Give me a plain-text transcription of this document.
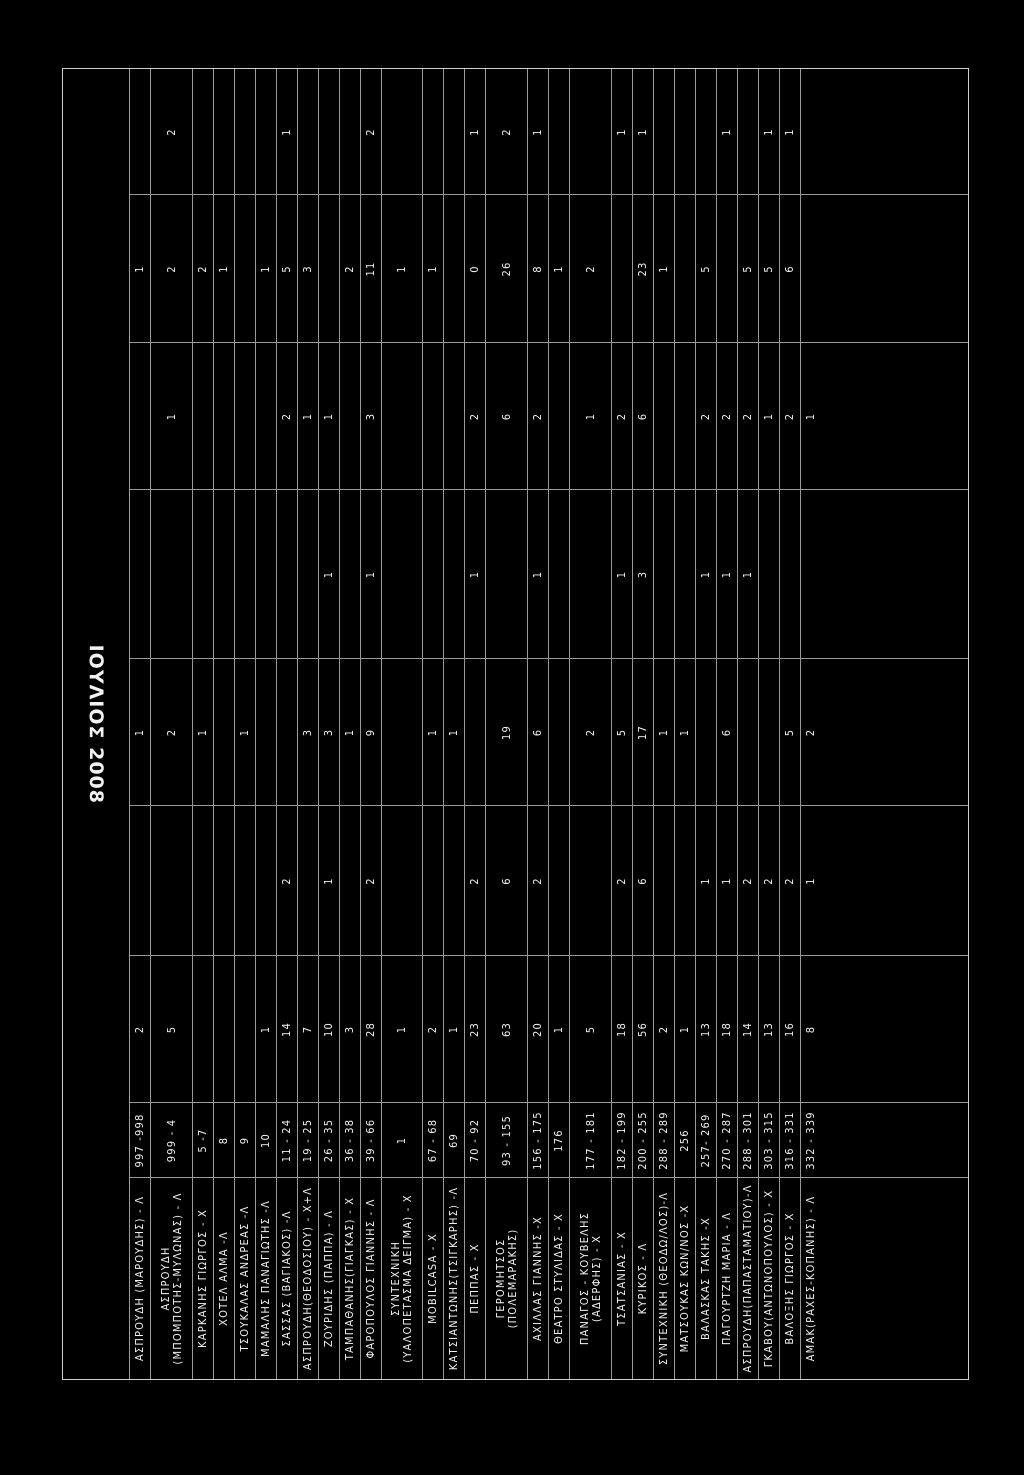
ΙΟΥΛΙΟΣ 2008
ΑΣΠΡΟΥΔΗ (ΜΑΡΟΥΔΗΣ) - Λ
997 -998
2
1
1
ΑΣΠΡΟΥΔΗ (ΜΠΟΜΠΟΤΗΣ-ΜΥΛΩΝΑΣ) - Λ
999 - 4
5
2
1
2
2
ΚΑΡΚΑΝΗΣ ΓΙΩΡΓΟΣ - Χ
5 -7
1
2
ΧΟΤΕΛ ΑΛΜΑ -Λ
8
1
ΤΣΟΥΚΑΛΑΣ ΑΝΔΡΕΑΣ -Λ
9
1
ΜΑΜΑΛΗΣ ΠΑΝΑΓΙΩΤΗΣ -Λ
10
1
1
ΣΑΣΣΑΣ (ΒΑΓΙΑΚΟΣ) -Λ
11 - 24
14
2
2
5
1
ΑΣΠΡΟΥΔΗ(ΘΕΟΔΟΣΙΟΥ) - Χ+Λ
19 - 25
7
3
1
3
ΖΟΥΡΙΔΗΣ (ΠΑΠΠΑ) - Λ
26 - 35
10
1
3
1
1
ΤΑΜΠΑΘΑΝΗΣ(ΓΙΑΓΚΑΣ) - Χ
36 - 38
3
1
2
ΦΑΡΟΠΟΥΛΟΣ ΓΙΑΝΝΗΣ - Λ
39 - 66
28
2
9
1
3
11
2
ΣΥΝΤΕΧΝΙΚΗ (ΥΑΛΟΠΕΤΑΣΜΑ ΔΕΙΓΜΑ) - Χ
1
1
1
MOBILCASA - Χ
67 - 68
2
1
1
ΚΑΤΣΙΑΝΤΩΝΗΣ(ΤΣΙΓΚΑΡΗΣ) -Λ
69
1
1
ΠΕΠΠΑΣ - Χ
70 - 92
23
2
1
2
0
1
ΓΕΡΟΜΗΤΣΟΣ (ΠΟΛΕΜΑΡΑΚΗΣ)
93 - 155
63
6
19
6
26
2
ΑΧΙΛΛΑΣ ΓΙΑΝΝΗΣ -Χ
156 - 175
20
2
6
1
2
8
1
ΘΕΑΤΡΟ ΣΤΥΛΙΔΑΣ - Χ
176
1
1
ΠΑΝΑΓΟΣ - ΚΟΥΒΕΛΗΣ (ΑΔΕΡΦΗΣ) - Χ
177 - 181
5
2
1
2
ΤΣΑΤΣΑΝΙΑΣ - Χ
182 - 199
18
2
5
1
2
1
ΚΥΡΙΚΟΣ - Λ
200 - 255
56
6
17
3
6
23
1
ΣΥΝΤΕΧΝΙΚΗ (ΘΕΟΔΩ/ΛΟΣ)-Λ
288 - 289
2
1
1
ΜΑΤΣΟΥΚΑΣ ΚΩΝ/ΝΟΣ -Χ
256
1
1
ΒΑΛΑΣΚΑΣ ΤΑΚΗΣ -Χ
257- 269
13
1
1
2
5
ΠΑΓΟΥΡΤΖΗ ΜΑΡΙΑ - Λ
270 - 287
18
1
6
1
2
1
ΑΣΠΡΟΥΔΗ(ΠΑΠΑΣΤΑΜΑΤΙΟΥ)-Λ
288 - 301
14
2
1
2
5
ΓΚΑΒΟΥ(ΑΝΤΩΝΟΠΟΥΛΟΣ) - Χ
303 - 315
13
2
1
5
1
ΒΑΛΟΞΗΣ ΓΙΩΡΓΟΣ - Χ
316 - 331
16
2
5
2
6
1
ΑΜΑΚ(ΡΑΧΕΣ-ΚΟΠΑΝΗΣ) - Λ
332 - 339
8
1
2
1
